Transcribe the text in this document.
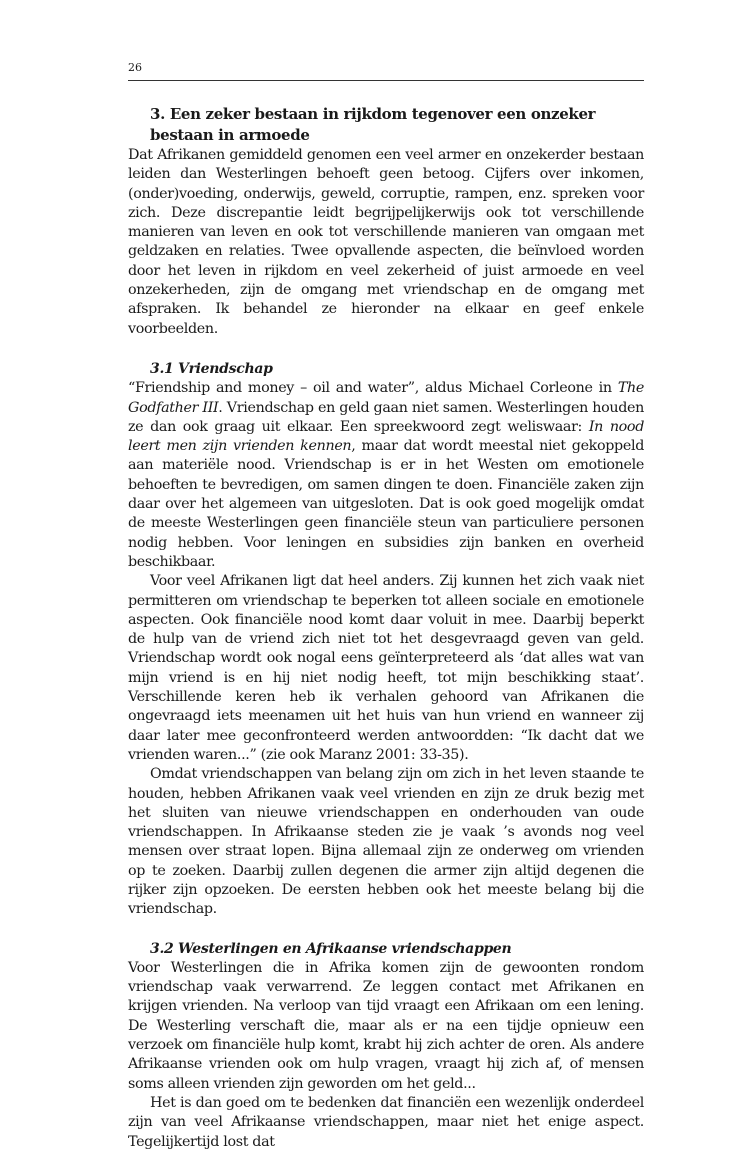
26
3. Een zeker bestaan in rijkdom tegenover een onzeker bestaan in armoede

Dat Afrikanen gemiddeld genomen een veel armer en onzekerder bestaan leiden dan Westerlingen behoeft geen betoog. Cijfers over inkomen, (onder)voeding, onderwijs, geweld, corruptie, rampen, enz. spreken voor zich. Deze discrepantie leidt begrijpelijkerwijs ook tot verschillende manieren van leven en ook tot verschillende manieren van omgaan met geldzaken en relaties. Twee opvallende aspecten, die beïnvloed worden door het leven in rijkdom en veel zekerheid of juist armoede en veel onzekerheden, zijn de omgang met vriendschap en de omgang met afspraken. Ik behandel ze hieronder na elkaar en geef enkele voorbeelden.

3.1 Vriendschap

“Friendship and money – oil and water”, aldus Michael Corleone in The Godfather III. Vriendschap en geld gaan niet samen. Westerlingen houden ze dan ook graag uit elkaar. Een spreekwoord zegt weliswaar: In nood leert men zijn vrienden kennen, maar dat wordt meestal niet gekoppeld aan materiële nood. Vriendschap is er in het Westen om emotionele behoeften te bevredigen, om samen dingen te doen. Financiële zaken zijn daar over het algemeen van uitgesloten. Dat is ook goed mogelijk omdat de meeste Westerlingen geen financiële steun van particuliere personen nodig hebben. Voor leningen en subsidies zijn banken en overheid beschikbaar.

Voor veel Afrikanen ligt dat heel anders. Zij kunnen het zich vaak niet permitteren om vriendschap te beperken tot alleen sociale en emotionele aspecten. Ook financiële nood komt daar voluit in mee. Daarbij beperkt de hulp van de vriend zich niet tot het desgevraagd geven van geld. Vriendschap wordt ook nogal eens geïnterpreteerd als ‘dat alles wat van mijn vriend is en hij niet nodig heeft, tot mijn beschikking staat’. Verschillende keren heb ik verhalen gehoord van Afrikanen die ongevraagd iets meenamen uit het huis van hun vriend en wanneer zij daar later mee geconfronteerd werden antwoordden: “Ik dacht dat we vrienden waren...” (zie ook Maranz 2001: 33-35).

Omdat vriendschappen van belang zijn om zich in het leven staande te houden, hebben Afrikanen vaak veel vrienden en zijn ze druk bezig met het sluiten van nieuwe vriendschappen en onderhouden van oude vriendschappen. In Afrikaanse steden zie je vaak ’s avonds nog veel mensen over straat lopen. Bijna allemaal zijn ze onderweg om vrienden op te zoeken. Daarbij zullen degenen die armer zijn altijd degenen die rijker zijn opzoeken. De eersten hebben ook het meeste belang bij die vriendschap.

3.2 Westerlingen en Afrikaanse vriendschappen

Voor Westerlingen die in Afrika komen zijn de gewoonten rondom vriendschap vaak verwarrend. Ze leggen contact met Afrikanen en krijgen vrienden. Na verloop van tijd vraagt een Afrikaan om een lening. De Westerling verschaft die, maar als er na een tijdje opnieuw een verzoek om financiële hulp komt, krabt hij zich achter de oren. Als andere Afrikaanse vrienden ook om hulp vragen, vraagt hij zich af, of mensen soms alleen vrienden zijn geworden om het geld...

Het is dan goed om te bedenken dat financiën een wezenlijk onderdeel zijn van veel Afrikaanse vriendschappen, maar niet het enige aspect. Tegelijkertijd lost dat
